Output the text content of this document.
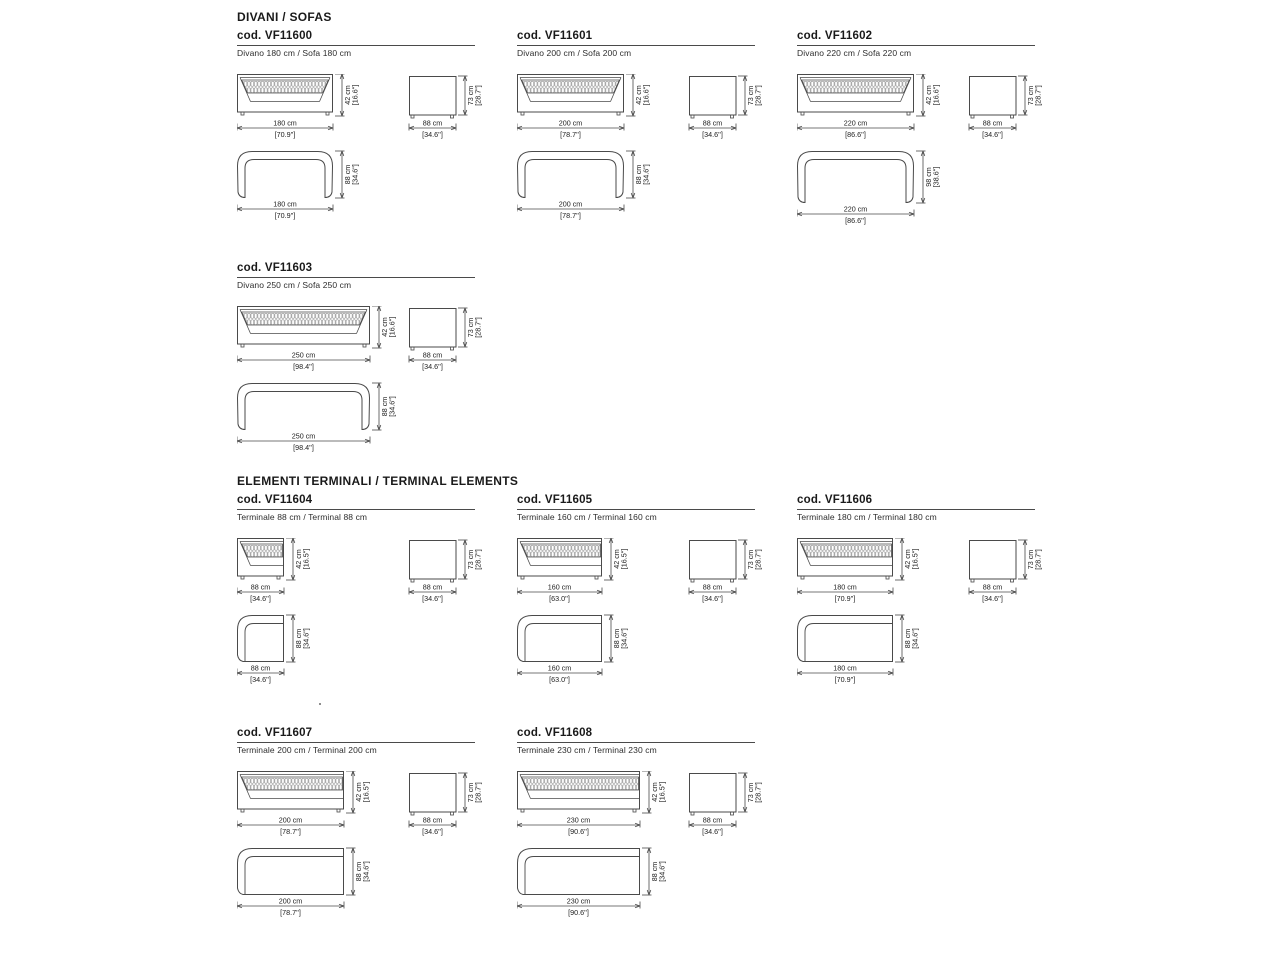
DIVANI / SOFAS
ELEMENTI TERMINALI / TERMINAL ELEMENTS
cod. VF11600
Divano 180 cm / Sofa 180 cm
180 cm
[70.9'']
42 cm
[16.6"]
88 cm
[34.6'']
73 cm
[28.7"]
180 cm
[70.9'']
88 cm
[34.6"]
cod. VF11601
Divano 200 cm / Sofa 200 cm
200 cm
[78.7'']
42 cm
[16.6"]
88 cm
[34.6'']
73 cm
[28.7"]
200 cm
[78.7'']
88 cm
[34.6"]
cod. VF11602
Divano 220 cm / Sofa 220 cm
220 cm
[86.6'']
42 cm
[16.6"]
88 cm
[34.6'']
73 cm
[28.7"]
220 cm
[86.6'']
98 cm
[38.6"]
cod. VF11603
Divano 250 cm / Sofa 250 cm
250 cm
[98.4'']
42 cm
[16.6"]
88 cm
[34.6'']
73 cm
[28.7"]
250 cm
[98.4'']
88 cm
[34.6"]
cod. VF11604
Terminale 88 cm / Terminal 88 cm
88 cm
[34.6'']
42 cm
[16.5"]
88 cm
[34.6'']
73 cm
[28.7"]
88 cm
[34.6'']
88 cm
[34.6"]
cod. VF11605
Terminale 160 cm / Terminal 160 cm
160 cm
[63.0'']
42 cm
[16.5"]
88 cm
[34.6'']
73 cm
[28.7"]
160 cm
[63.0'']
88 cm
[34.6"]
cod. VF11606
Terminale 180 cm / Terminal 180 cm
180 cm
[70.9'']
42 cm
[16.5"]
88 cm
[34.6'']
73 cm
[28.7"]
180 cm
[70.9'']
88 cm
[34.6"]
cod. VF11607
Terminale 200 cm / Terminal 200 cm
200 cm
[78.7'']
42 cm
[16.5"]
88 cm
[34.6'']
73 cm
[28.7"]
200 cm
[78.7'']
88 cm
[34.6"]
cod. VF11608
Terminale 230 cm / Terminal 230 cm
230 cm
[90.6'']
42 cm
[16.5"]
88 cm
[34.6'']
73 cm
[28.7"]
230 cm
[90.6'']
88 cm
[34.6"]
